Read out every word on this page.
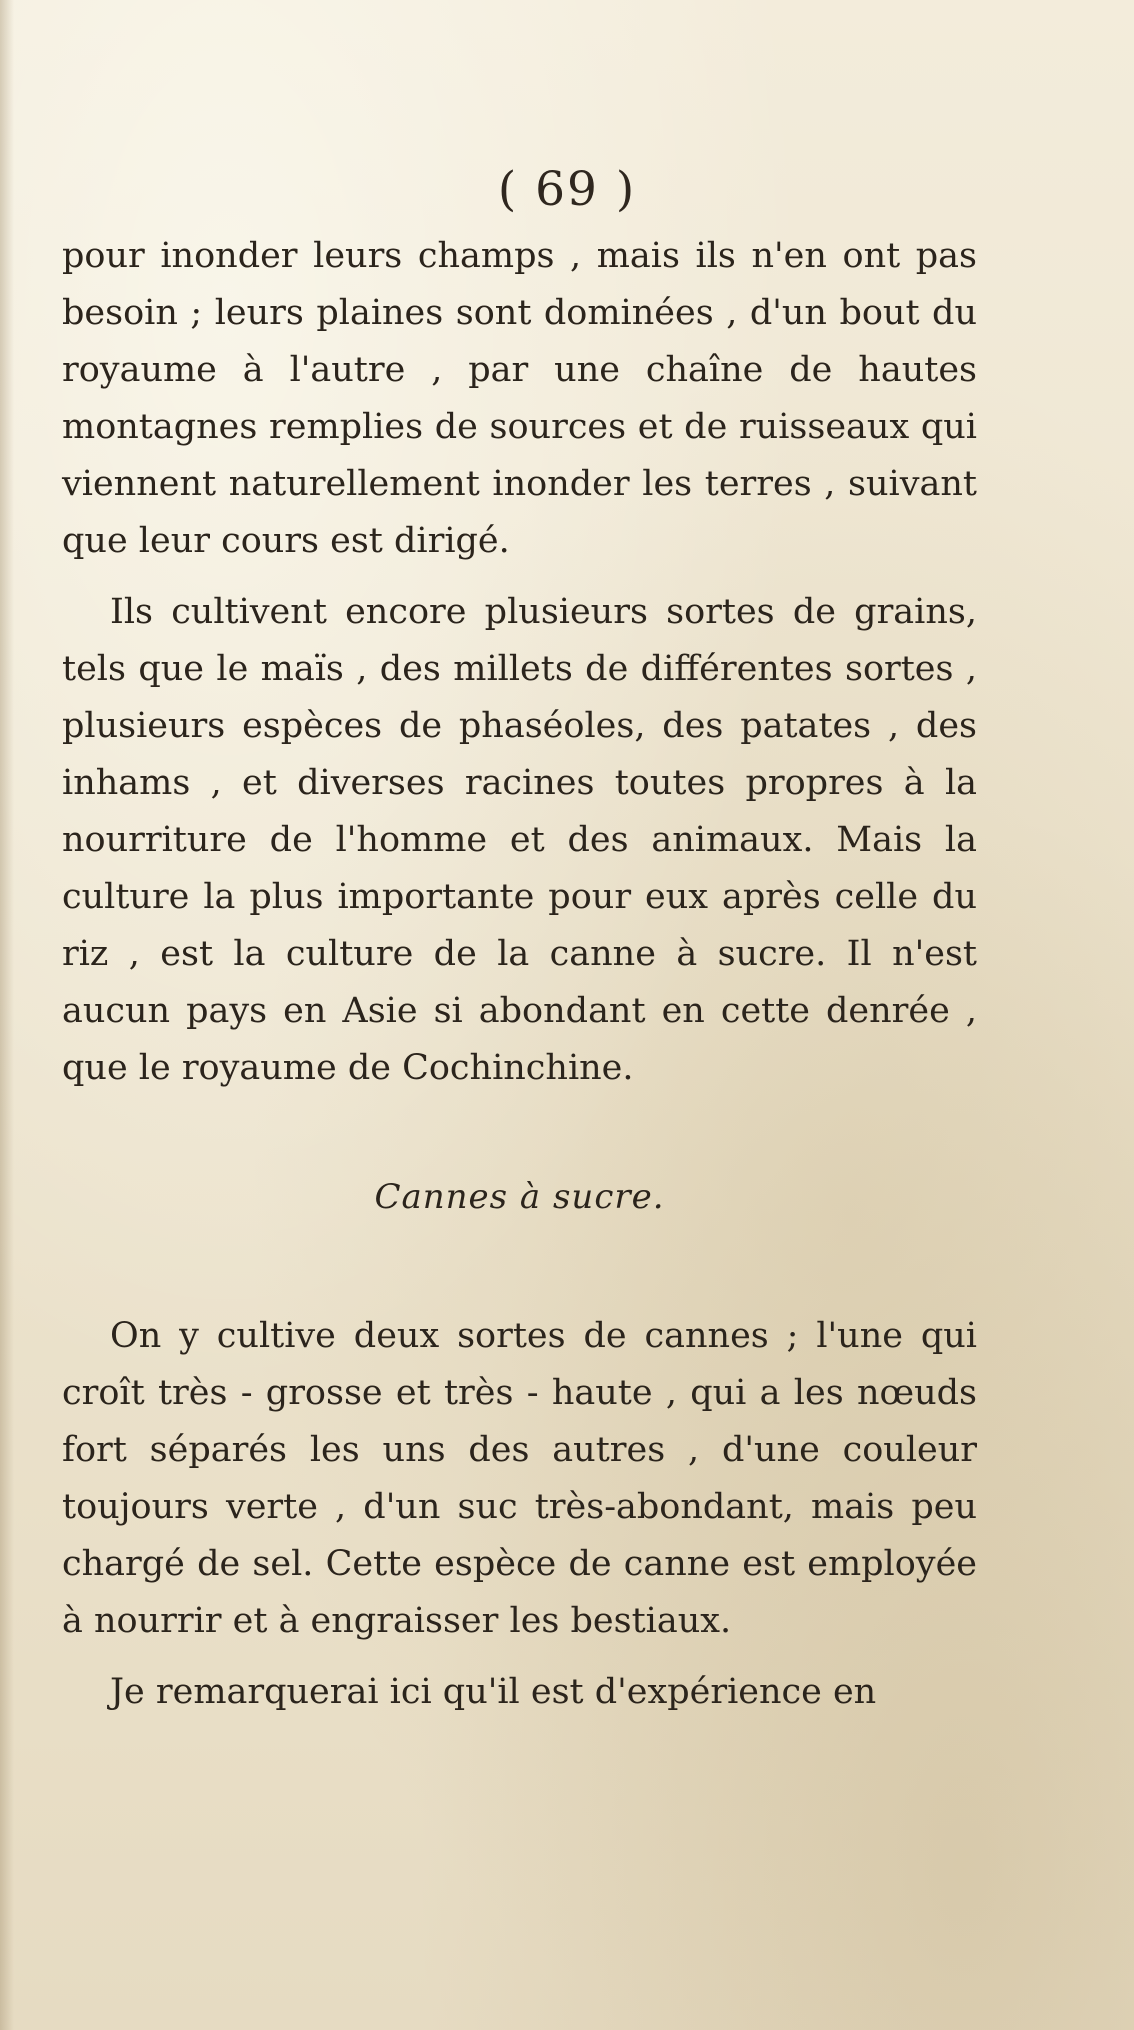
( 69 )

pour inonder leurs champs , mais ils n'en ont pas besoin ; leurs plaines sont dominées , d'un bout du royaume à l'autre , par une chaîne de hautes montagnes remplies de sources et de ruisseaux qui viennent naturellement inonder les terres , suivant que leur cours est dirigé.

Ils cultivent encore plusieurs sortes de grains, tels que le maïs , des millets de différentes sortes , plusieurs espèces de phaséoles, des patates , des inhams , et diverses racines toutes propres à la nourriture de l'homme et des animaux. Mais la culture la plus importante pour eux après celle du riz , est la culture de la canne à sucre. Il n'est aucun pays en Asie si abondant en cette denrée , que le royaume de Cochinchine.

Cannes à sucre.

On y cultive deux sortes de cannes ; l'une qui croît très - grosse et très - haute , qui a les nœuds fort séparés les uns des autres , d'une couleur toujours verte , d'un suc très-abondant, mais peu chargé de sel. Cette espèce de canne est employée à nourrir et à engraisser les bestiaux.

Je remarquerai ici qu'il est d'expérience en
